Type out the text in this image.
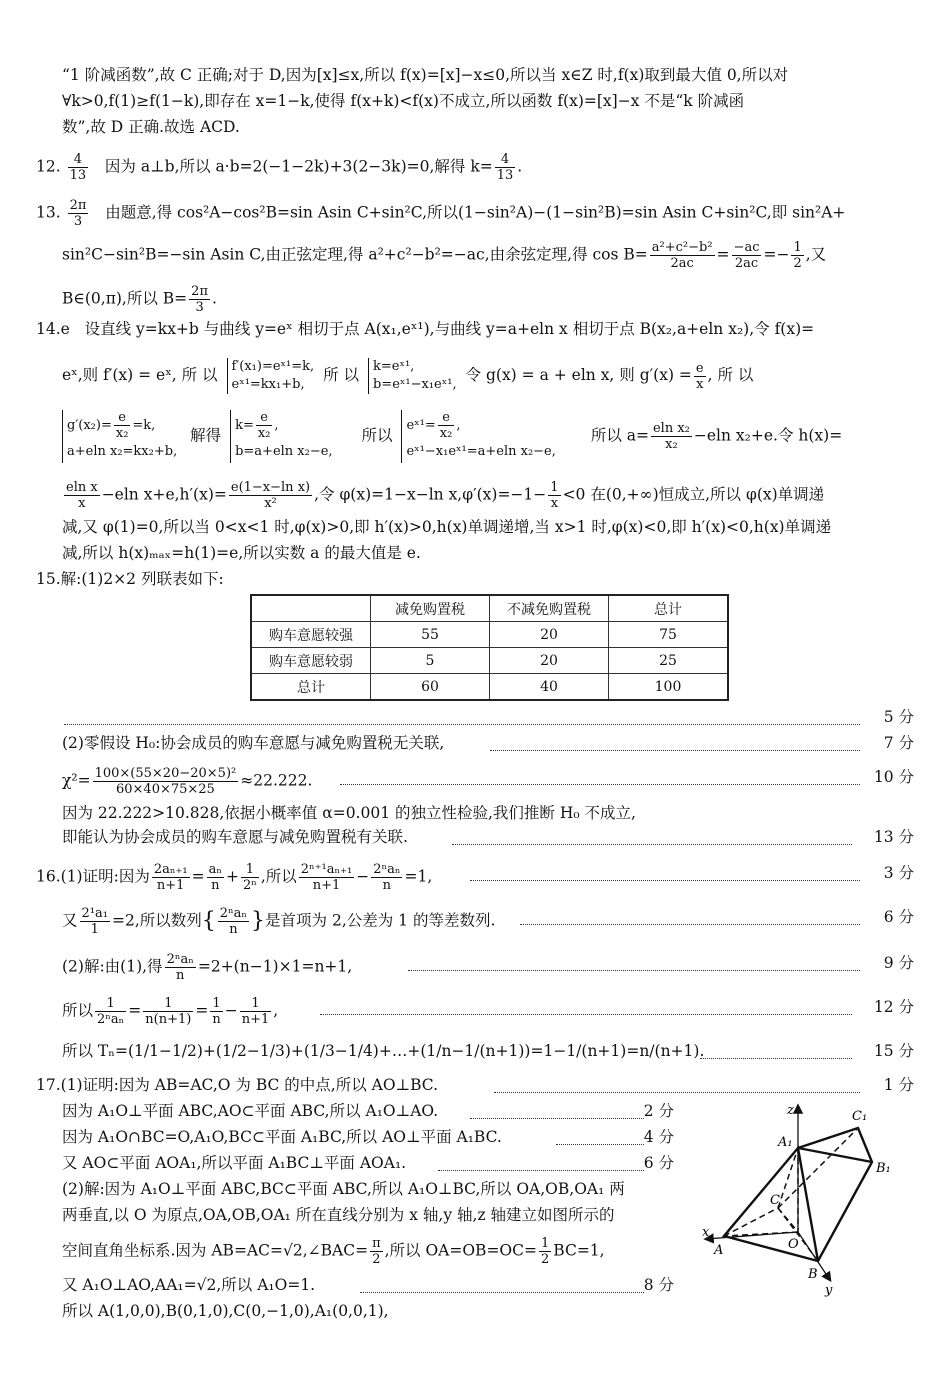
“1 阶减函数”,故 C 正确;对于 D,因为[x]≤x,所以 f(x)=[x]−x≤0,所以当 x∈Z 时,f(x)取到最大值 0,所以对
∀k>0,f(1)≥f(1−k),即存在 x=1−k,使得 f(x+k)<f(x)不成立,所以函数 f(x)=[x]−x 不是“k 阶减函
数”,故 D 正确.故选 ACD.
12. $\frac{4}{13}$ 因为 a⊥b,所以 a·b=2(−1−2k)+3(2−3k)=0,解得 $k= \frac{4}{13}$ .
13. $\frac{2\pi}{3}$ 由题意,得 cos²A−cos²B=sin Asin C+sin²C,所以(1−sin²A)−(1−sin²B)=sin Asin C+sin²C,即 sin²A+
sin²C−sin²B=−sin Asin C,由正弦定理,得 a²+c²−b²=−ac,由余弦定理,得 $\cos B= \frac{\text{a²+c²−b²}}{2ac} = \frac{-ac}{2ac} =- \frac{1}{2}$ ,又
B∈(0,π),所以 $B= \frac{2\pi}{3}$ .
14.e 设直线 y=kx+b 与曲线 y=eˣ 相切于点 A(x₁,eˣ¹),与曲线 y=a+eln x 相切于点 B(x₂,a+eln x₂),令 f(x)=
eˣ,则 f′(x) = eˣ, 所 以 f′(x₁)=eˣ¹=k,
eˣ¹=kx₁+b,
所 以 k=eˣ¹,
b=eˣ¹−x₁eˣ¹,
令 g(x) = a + eln x, 则 $g'(x) = \frac{e}{x}$ , 所 以
$g'(x_2)= \frac{e}{\text{x₂}} =k$,
a+eln x₂=kx₂+b,
解得
$k= \frac{e}{\text{x₂}}$ ,
b=a+eln x₂−e,
所以
eˣ¹= $\frac{e}{\text{x₂}}$ ,
eˣ¹−x₁eˣ¹=a+eln x₂−e,
所以 $a= \frac{\text{eln x₂}}{\text{x₂}} -eln$ x₂+e.令 h(x)=
$\frac{\text{eln x}}{x} -eln$ $x+e,h'(x)= \frac{\text{e(1−x−ln x)}}{\text{x²}}$ ,令 φ(x)=1−x−ln $x,\varphi'(x)=-1- \frac{1}{x} <0$ 在(0,+∞)恒成立,所以 φ(x)单调递
减,又 φ(1)=0,所以当 0<x<1 时,φ(x)>0,即 h′(x)>0,h(x)单调递增,当 x>1 时,φ(x)<0,即 h′(x)<0,h(x)单调递
减,所以 h(x)ₘₐₓ=h(1)=e,所以实数 a 的最大值是 e.
15.解:(1)2×2 列联表如下:
	减免购置税	不减免购置税	总计
购车意愿较强	55	20	75
购车意愿较弱	5	20	25
总计	60	40	100
5 分
(2)零假设 H₀:协会成员的购车意愿与减免购置税无关联,	7 分
$\chi^2= \frac{\text{100×(55×20−20×5)²}}{60\times 40\times 75\times 25} \approx 22.222$.	10 分
因为 22.222>10.828,依据小概率值 α=0.001 的独立性检验,我们推断 H₀ 不成立,
即能认为协会成员的购车意愿与减免购置税有关联.	13 分
16.(1)证明:因为 $\frac{\text{2aₙ₊₁}}{n+1} = \frac{\text{aₙ}}{n} + \frac{1}{\text{2ⁿ}}$ ,所以 $\frac{\text{2ⁿ⁺¹aₙ₊₁}}{n+1} - \frac{\text{2ⁿaₙ}}{n} =1$,	3 分
又 $\frac{\text{2¹a₁}}{1} =2$,所以数列{ $\frac{\text{2ⁿaₙ}}{n}$ }是首项为 2,公差为 1 的等差数列.	6 分
(2)解:由(1),得 $\frac{\text{2ⁿaₙ}}{n} =2+(n-1)\times 1=n+1$,	9 分
所以 $\frac{1}{\text{2ⁿaₙ}} = \frac{1}{n(n+1)} = \frac{1}{n} - \frac{1}{n+1}$ ,	12 分
所以 Tₙ=(1/1−1/2)+(1/2−1/3)+(1/3−1/4)+…+(1/n−1/(n+1))=1−1/(n+1)=n/(n+1).	15 分
17.(1)证明:因为 AB=AC,O 为 BC 的中点,所以 AO⊥BC.	1 分
因为 A₁O⊥平面 ABC,AO⊂平面 ABC,所以 A₁O⊥AO.	2 分
因为 A₁O∩BC=O,A₁O,BC⊂平面 A₁BC,所以 AO⊥平面 A₁BC.	4 分
又 AO⊂平面 AOA₁,所以平面 A₁BC⊥平面 AOA₁.	6 分
(2)解:因为 A₁O⊥平面 ABC,BC⊂平面 ABC,所以 A₁O⊥BC,所以 OA,OB,OA₁ 两
两垂直,以 O 为原点,OA,OB,OA₁ 所在直线分别为 x 轴,y 轴,z 轴建立如图所示的
空间直角坐标系.因为 AB=AC=√2,∠BAC= $\frac{\pi}{2}$ ,所以 $OA=OB=OC= \frac{1}{2} BC=1$,
又 A₁O⊥AO,AA₁=√2,所以 A₁O=1.	8 分
所以 A(1,0,0),B(0,1,0),C(0,−1,0),A₁(0,0,1),
z
x
y
A
B
C
O
A₁
B₁
C₁
